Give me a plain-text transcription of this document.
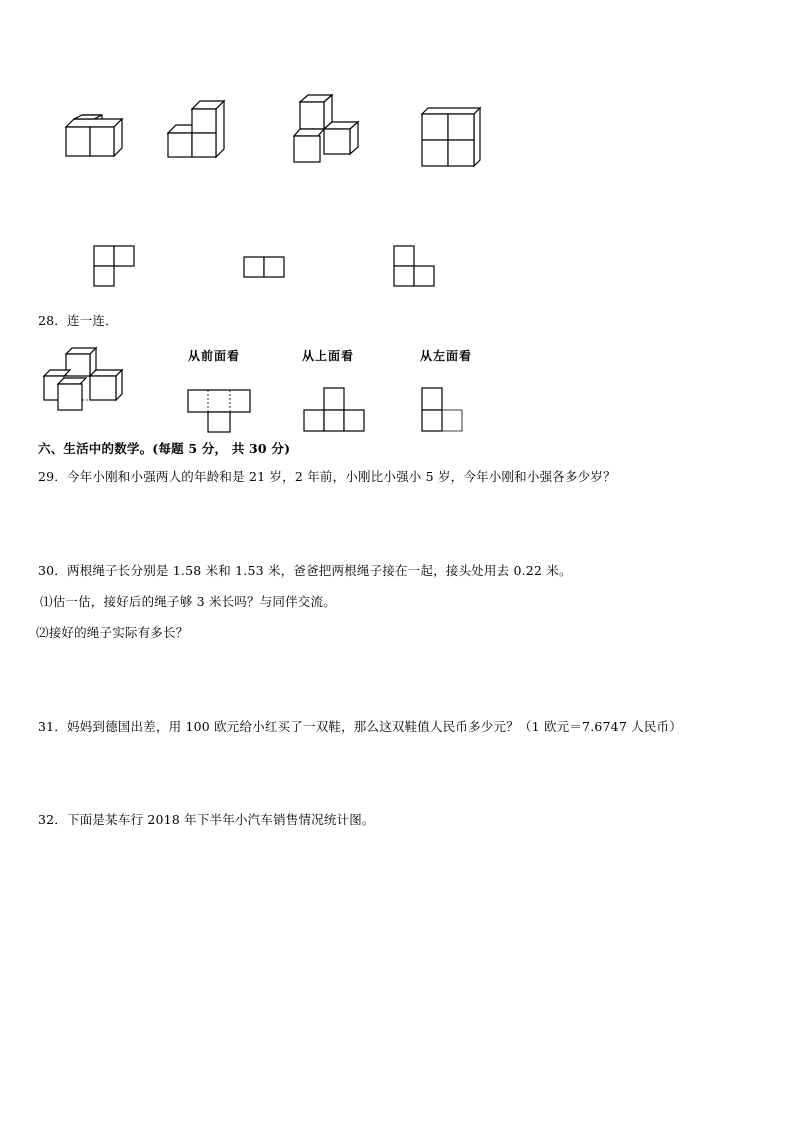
28．连一连．
从前面看	从上面看	从左面看
六、生活中的数学。(每题 5 分， 共 30 分)
29．今年小刚和小强两人的年龄和是 21 岁，2 年前，小刚比小强小 5 岁，今年小刚和小强各多少岁？
30．两根绳子长分别是 1.58 米和 1.53 米，爸爸把两根绳子接在一起，接头处用去 0.22 米。
⑴估一估，接好后的绳子够 3 米长吗？与同伴交流。
⑵接好的绳子实际有多长？
31．妈妈到德国出差，用 100 欧元给小红买了一双鞋，那么这双鞋值人民币多少元？（1 欧元＝7.6747 人民币）
32．下面是某车行 2018 年下半年小汽车销售情况统计图。
